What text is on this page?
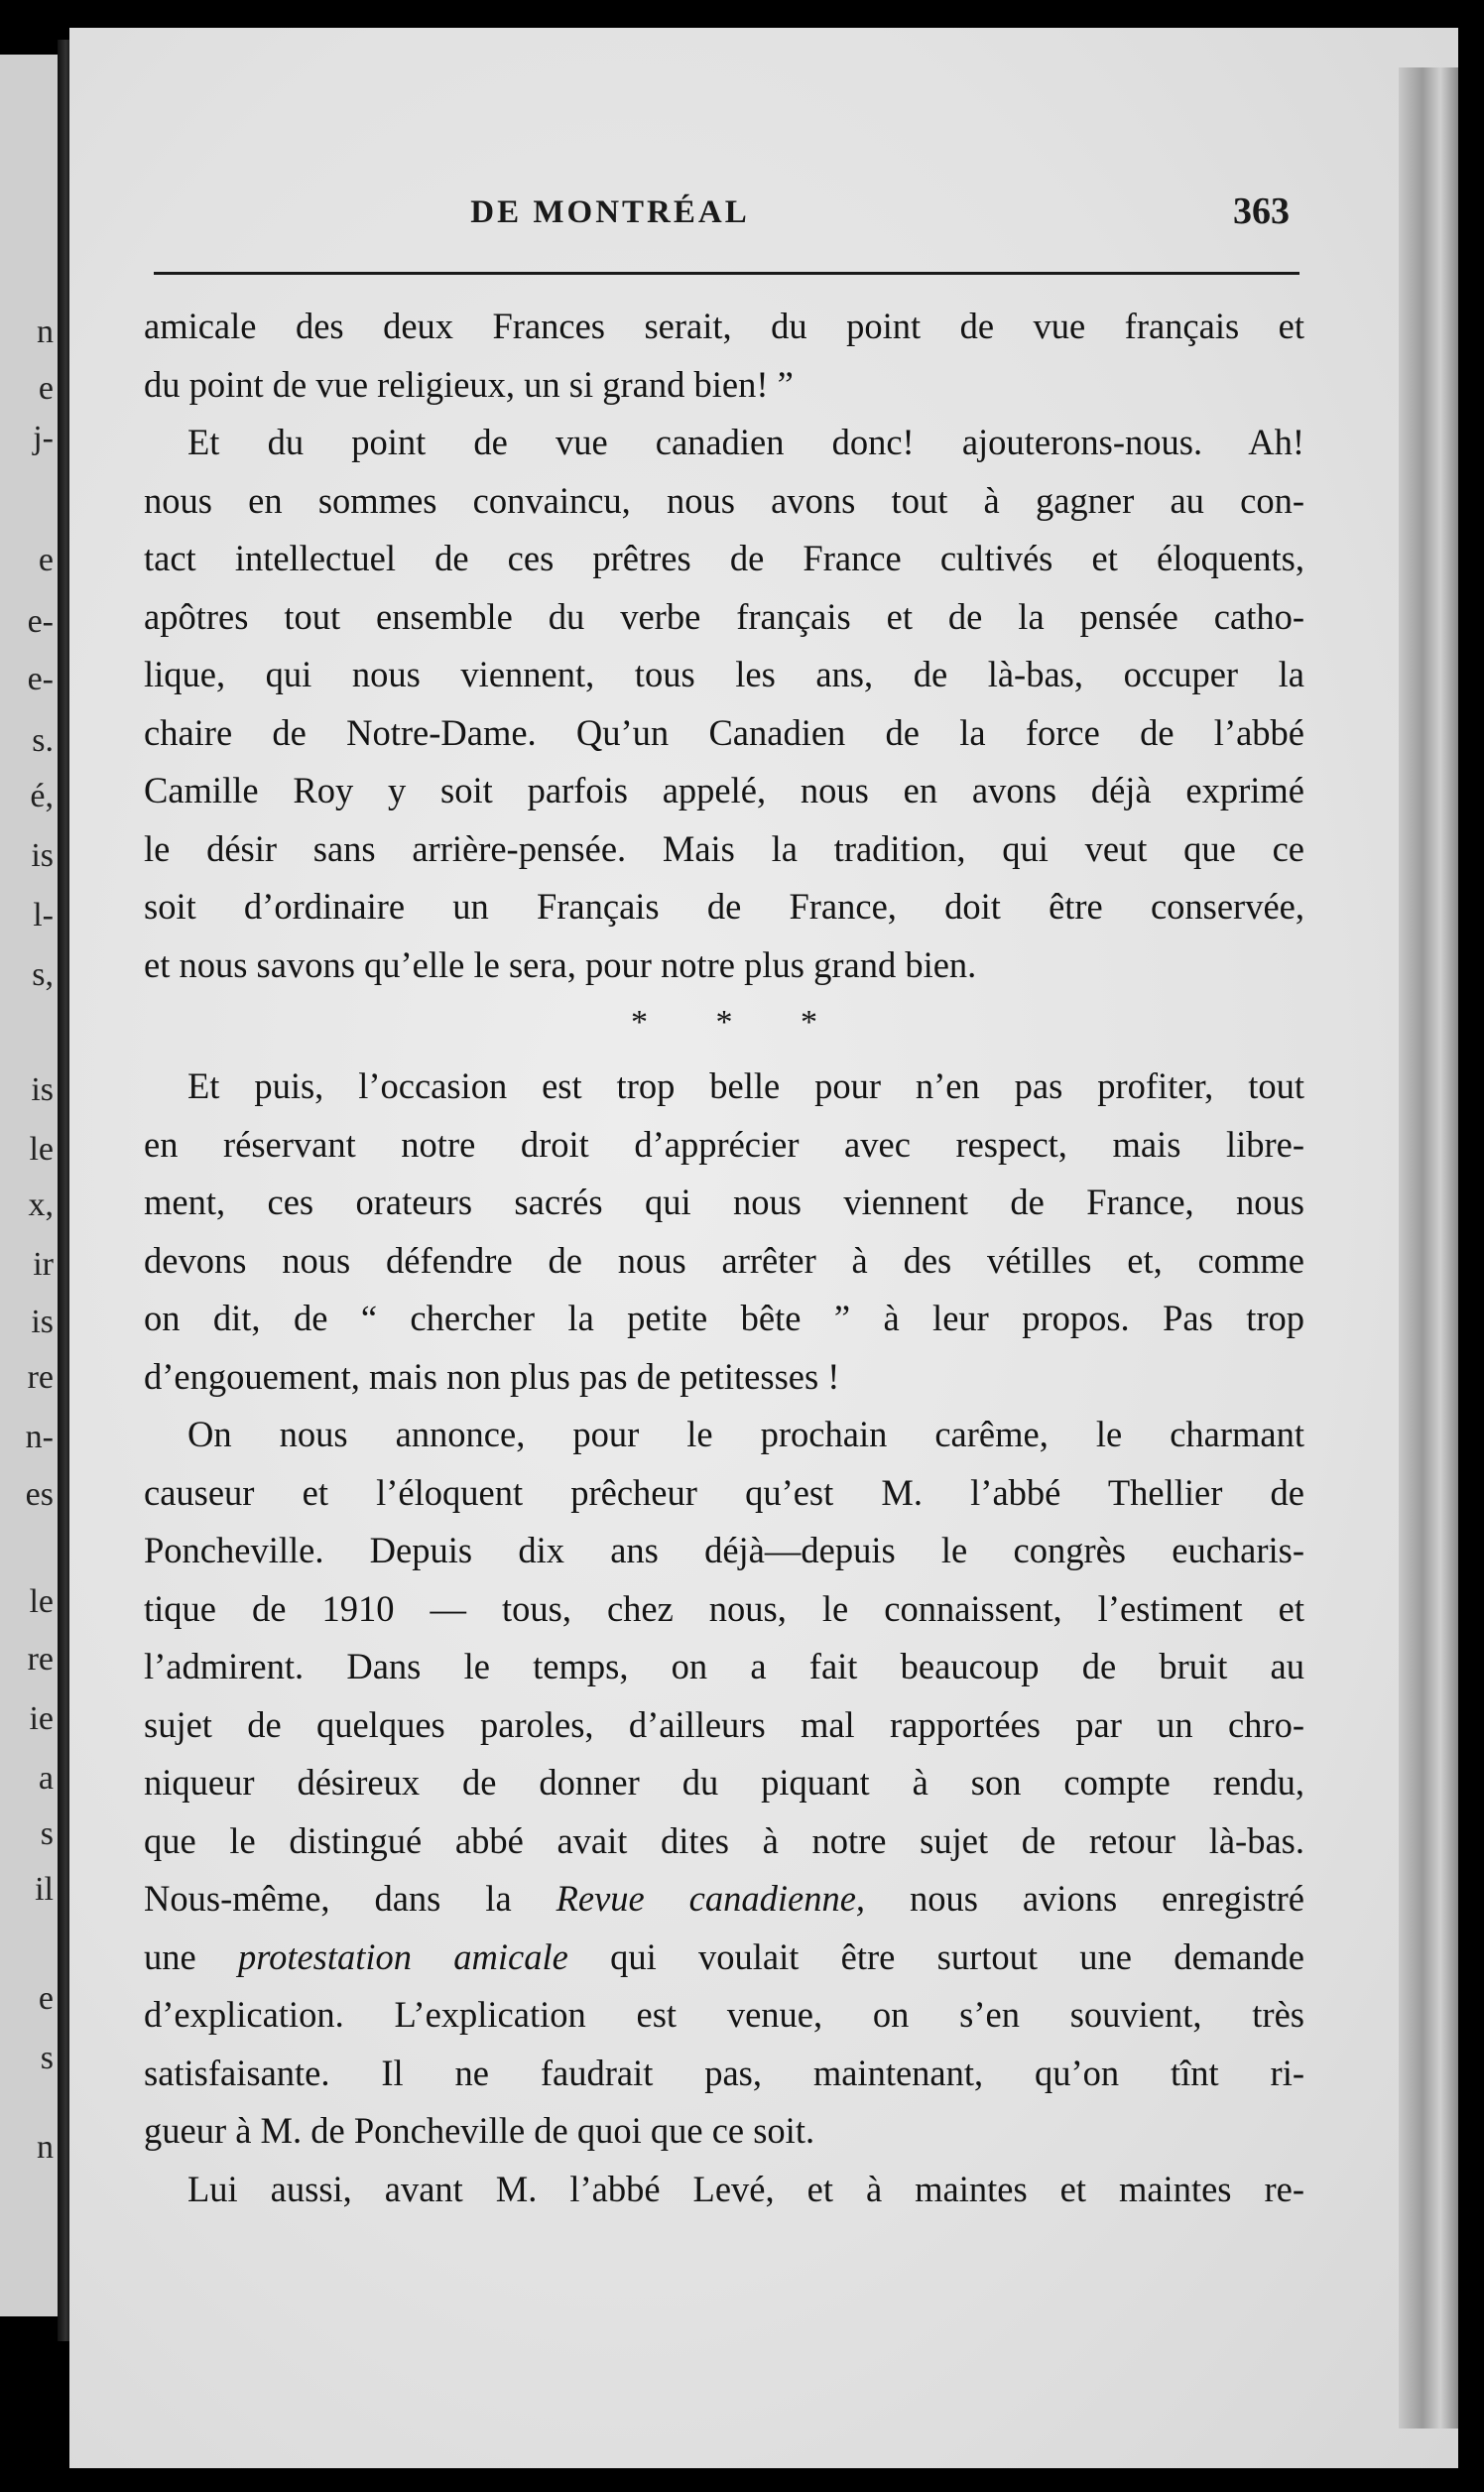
n
e
j-
e
e-
e-
s.
é,
is
l-
s,
is
le
x,
ir
is
re
n-
es
le
re
ie
a
s
il
e
s
n
DE MONTRÉAL	363

amicale des deux Frances serait, du point de vue français et

du point de vue religieux, un si grand bien! ”

Et du point de vue canadien donc! ajouterons-nous. Ah!

nous en sommes convaincu, nous avons tout à gagner au con-

tact intellectuel de ces prêtres de France cultivés et éloquents,

apôtres tout ensemble du verbe français et de la pensée catho-

lique, qui nous viennent, tous les ans, de là-bas, occuper la

chaire de Notre-Dame. Qu’un Canadien de la force de l’abbé

Camille Roy y soit parfois appelé, nous en avons déjà exprimé

le désir sans arrière-pensée. Mais la tradition, qui veut que ce

soit d’ordinaire un Français de France, doit être conservée,

et nous savons qu’elle le sera, pour notre plus grand bien.

* * *

Et puis, l’occasion est trop belle pour n’en pas profiter, tout

en réservant notre droit d’apprécier avec respect, mais libre-

ment, ces orateurs sacrés qui nous viennent de France, nous

devons nous défendre de nous arrêter à des vétilles et, comme

on dit, de “ chercher la petite bête ” à leur propos. Pas trop

d’engouement, mais non plus pas de petitesses !

On nous annonce, pour le prochain carême, le charmant

causeur et l’éloquent prêcheur qu’est M. l’abbé Thellier de

Poncheville. Depuis dix ans déjà—depuis le congrès eucharis-

tique de 1910 — tous, chez nous, le connaissent, l’estiment et

l’admirent. Dans le temps, on a fait beaucoup de bruit au

sujet de quelques paroles, d’ailleurs mal rapportées par un chro-

niqueur désireux de donner du piquant à son compte rendu,

que le distingué abbé avait dites à notre sujet de retour là-bas.

Nous-même, dans la Revue canadienne, nous avions enregistré

une protestation amicale qui voulait être surtout une demande

d’explication. L’explication est venue, on s’en souvient, très

satisfaisante. Il ne faudrait pas, maintenant, qu’on tînt ri-

gueur à M. de Poncheville de quoi que ce soit.

Lui aussi, avant M. l’abbé Levé, et à maintes et maintes re-
